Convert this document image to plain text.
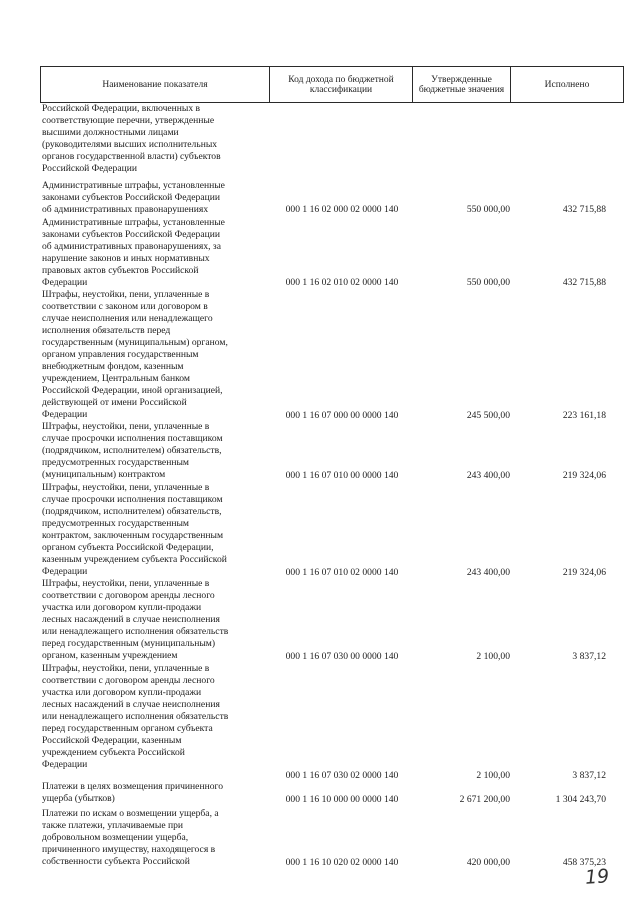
Наименование показателя	Код дохода по бюджетной классификации	Утвержденные бюджетные значения	Исполнено
Российской Федерации, включенных в
соответствующие перечни, утвержденные
высшими должностными лицами
(руководителями высших исполнительных
органов государственной власти) субъектов
Российской Федерации
Административные штрафы, установленные
законами субъектов Российской Федерации
об административных правонарушениях	000 1 16 02 000 02 0000 140	550 000,00	432 715,88
Административные штрафы, установленные
законами субъектов Российской Федерации
об административных правонарушениях, за
нарушение законов и иных нормативных
правовых актов субъектов Российской
Федерации	000 1 16 02 010 02 0000 140	550 000,00	432 715,88
Штрафы, неустойки, пени, уплаченные в
соответствии с законом или договором в
случае неисполнения или ненадлежащего
исполнения обязательств перед
государственным (муниципальным) органом,
органом управления государственным
внебюджетным фондом, казенным
учреждением, Центральным банком
Российской Федерации, иной организацией,
действующей от имени Российской
Федерации	000 1 16 07 000 00 0000 140	245 500,00	223 161,18
Штрафы, неустойки, пени, уплаченные в
случае просрочки исполнения поставщиком
(подрядчиком, исполнителем) обязательств,
предусмотренных государственным
(муниципальным) контрактом	000 1 16 07 010 00 0000 140	243 400,00	219 324,06
Штрафы, неустойки, пени, уплаченные в
случае просрочки исполнения поставщиком
(подрядчиком, исполнителем) обязательств,
предусмотренных государственным
контрактом, заключенным государственным
органом субъекта Российской Федерации,
казенным учреждением субъекта Российской
Федерации	000 1 16 07 010 02 0000 140	243 400,00	219 324,06
Штрафы, неустойки, пени, уплаченные в
соответствии с договором аренды лесного
участка или договором купли-продажи
лесных насаждений в случае неисполнения
или ненадлежащего исполнения обязательств
перед государственным (муниципальным)
органом, казенным учреждением	000 1 16 07 030 00 0000 140	2 100,00	3 837,12
Штрафы, неустойки, пени, уплаченные в
соответствии с договором аренды лесного
участка или договором купли-продажи
лесных насаждений в случае неисполнения
или ненадлежащего исполнения обязательств
перед государственным органом субъекта
Российской Федерации, казенным
учреждением субъекта Российской
Федерации
000 1 16 07 030 02 0000 140	2 100,00	3 837,12
Платежи в целях возмещения причиненного
ущерба (убытков)	000 1 16 10 000 00 0000 140	2 671 200,00	1 304 243,70
Платежи по искам о возмещении ущерба, а
также платежи, уплачиваемые при
добровольном возмещении ущерба,
причиненного имуществу, находящегося в
собственности субъекта Российской	000 1 16 10 020 02 0000 140	420 000,00	458 375,23
19
